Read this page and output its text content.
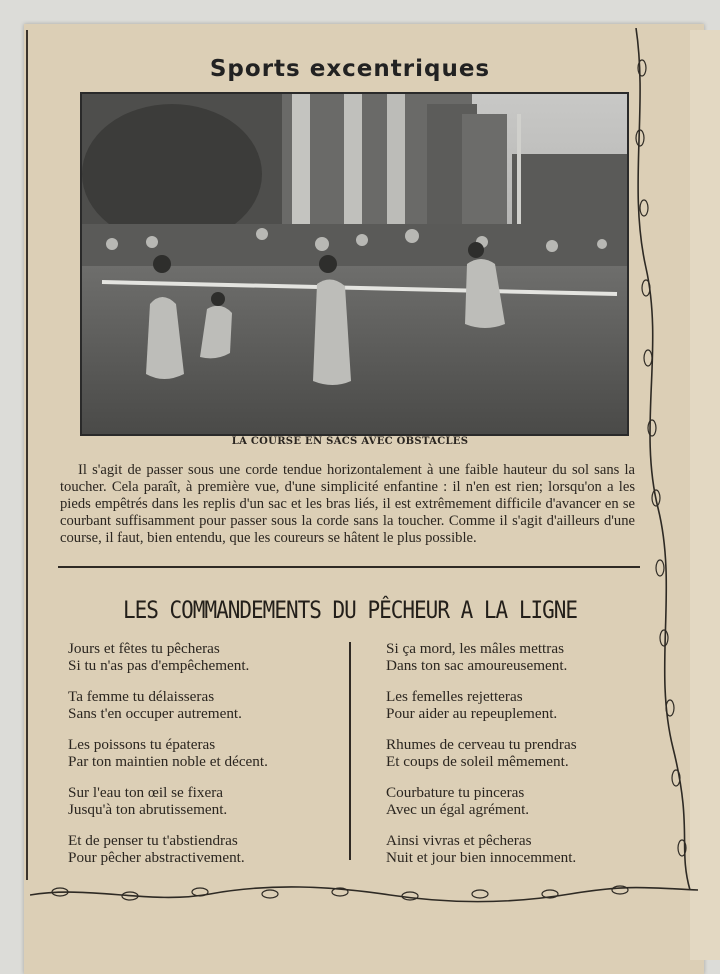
Sports excentriques
LA COURSE EN SACS AVEC OBSTACLES
Il s'agit de passer sous une corde tendue horizontalement à une faible hauteur du sol sans la toucher. Cela paraît, à première vue, d'une simplicité enfantine : il n'en est rien; lorsqu'on a les pieds empêtrés dans les replis d'un sac et les bras liés, il est extrêmement difficile d'avancer en se courbant suffisamment pour passer sous la corde sans la toucher. Comme il s'agit d'ailleurs d'une course, il faut, bien entendu, que les coureurs se hâtent le plus possible.
LES COMMANDEMENTS DU PÊCHEUR A LA LIGNE
Jours et fêtes tu pêcheras
Si tu n'as pas d'empêchement.
Ta femme tu délaisseras
Sans t'en occuper autrement.
Les poissons tu épateras
Par ton maintien noble et décent.
Sur l'eau ton œil se fixera
Jusqu'à ton abrutissement.
Et de penser tu t'abstiendras
Pour pêcher abstractivement.
Si ça mord, les mâles mettras
Dans ton sac amoureusement.
Les femelles rejetteras
Pour aider au repeuplement.
Rhumes de cerveau tu prendras
Et coups de soleil mêmement.
Courbature tu pinceras
Avec un égal agrément.
Ainsi vivras et pêcheras
Nuit et jour bien innocemment.
